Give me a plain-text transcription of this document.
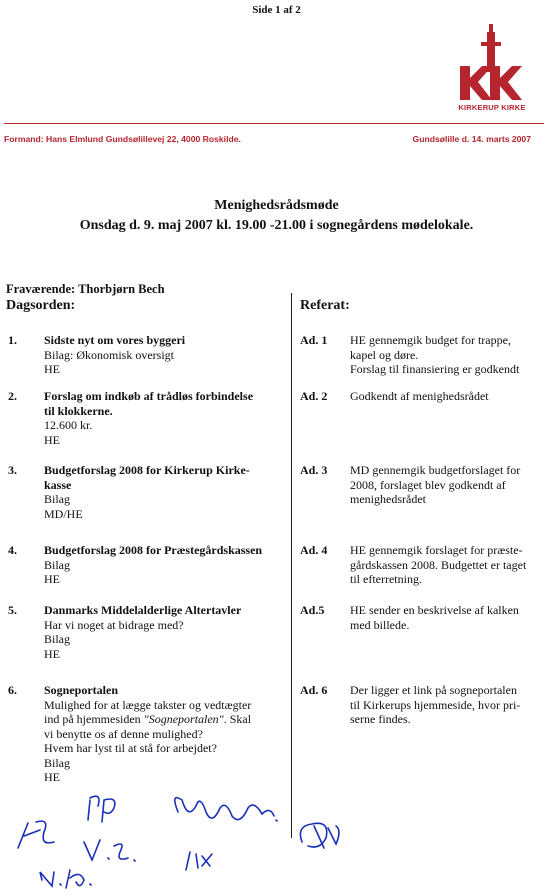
Side 1 af 2
KIRKERUP KIRKE
Formand: Hans Elmlund Gundsølillevej 22, 4000 Roskilde.	Gundsølille d. 14. marts 2007
Menighedsrådsmøde
Onsdag d. 9. maj 2007 kl. 19.00 -21.00 i sognegårdens mødelokale.
Fraværende: Thorbjørn Bech
Dagsorden:	Referat:
1. Sidste nyt om vores byggeri
Bilag: Økonomisk oversigt
HE
Ad. 1 HE gennemgik budget for trappe,
kapel og døre.
Forslag til finansiering er godkendt
2. Forslag om indkøb af trådløs forbindelse
til klokkerne.
12.600 kr.
HE
Ad. 2 Godkendt af menighedsrådet
3. Budgetforslag 2008 for Kirkerup Kirke-
kasse
Bilag
MD/HE
Ad. 3 MD gennemgik budgetforslaget for
2008, forslaget blev godkendt af
menighedsrådet
4. Budgetforslag 2008 for Præstegårdskassen
Bilag
HE
Ad. 4 HE gennemgik forslaget for præste-
gårdskassen 2008. Budgettet er taget
til efterretning.
5. Danmarks Middelalderlige Altertavler
Har vi noget at bidrage med?
Bilag
HE
Ad.5 HE sender en beskrivelse af kalken
med billede.
6. Sogneportalen
Mulighed for at lægge takster og vedtægter
ind på hjemmesiden "Sogneportalen". Skal
vi benytte os af denne mulighed?
Hvem har lyst til at stå for arbejdet?
Bilag
HE
Ad. 6 Der ligger et link på sogneportalen
til Kirkerups hjemmeside, hvor pri-
serne findes.
